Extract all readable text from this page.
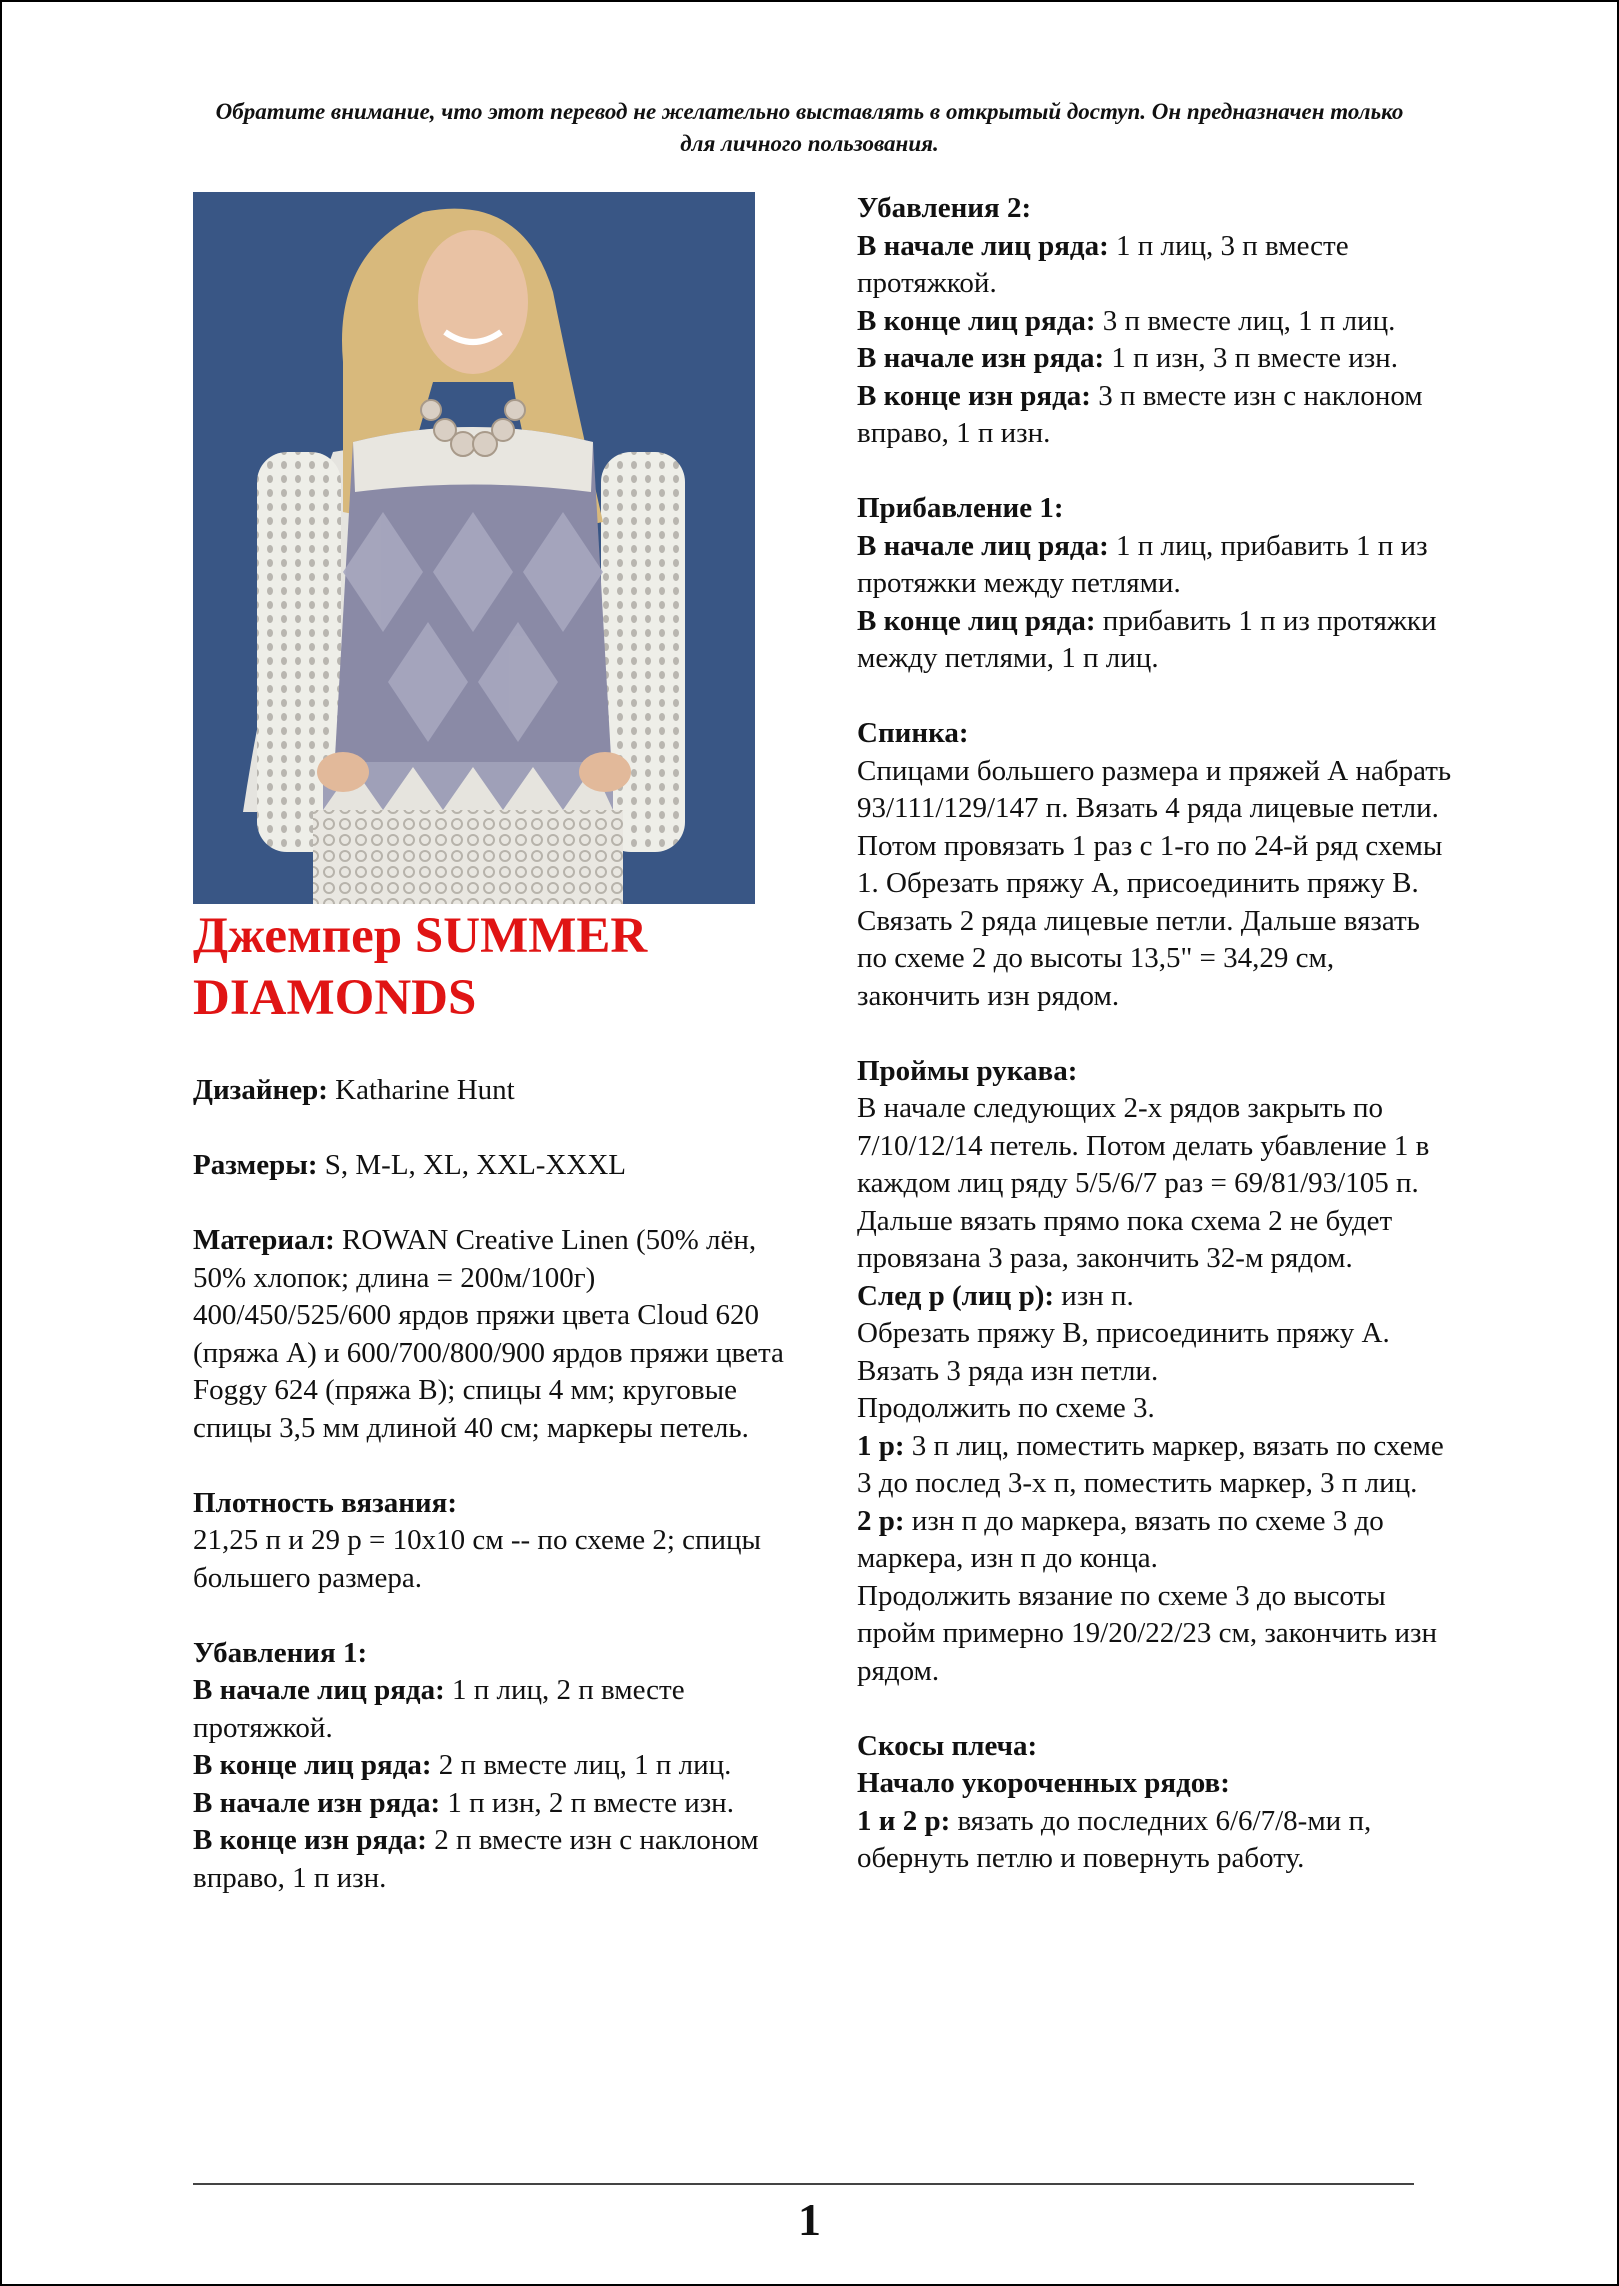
Обратите внимание, что этот перевод не желательно выставлять в открытый доступ. Он предназначен только для личного пользования.
Джемпер SUMMER DIAMONDS

Дизайнер: Katharine Hunt

Размеры: S, M-L, XL, XXL-XXXL

Материал: ROWAN Creative Linen (50% лён, 50% хлопок; длина = 200м/100г) 400/450/525/600 ярдов пряжи цвета Cloud 620 (пряжа A) и 600/700/800/900 ярдов пряжи цвета Foggy 624 (пряжа B); спицы 4 мм; круговые спицы 3,5 мм длиной 40 см; маркеры петель.

Плотность вязания:

21,25 п и 29 р = 10х10 см -- по схеме 2; спицы большего размера.

Убавления 1:

В начале лиц ряда: 1 п лиц, 2 п вместе протяжкой.

В конце лиц ряда: 2 п вместе лиц, 1 п лиц.

В начале изн ряда: 1 п изн, 2 п вместе изн.

В конце изн ряда: 2 п вместе изн с наклоном вправо, 1 п изн.

Убавления 2:

В начале лиц ряда: 1 п лиц, 3 п вместе протяжкой.

В конце лиц ряда: 3 п вместе лиц, 1 п лиц.

В начале изн ряда: 1 п изн, 3 п вместе изн.

В конце изн ряда: 3 п вместе изн с наклоном вправо, 1 п изн.

Прибавление 1:

В начале лиц ряда: 1 п лиц, прибавить 1 п из протяжки между петлями.

В конце лиц ряда: прибавить 1 п из протяжки между петлями, 1 п лиц.

Спинка:

Спицами большего размера и пряжей А набрать 93/111/129/147 п. Вязать 4 ряда лицевые петли. Потом провязать 1 раз с 1-го по 24-й ряд схемы 1. Обрезать пряжу А, присоединить пряжу В. Связать 2 ряда лицевые петли. Дальше вязать по схеме 2 до высоты 13,5" = 34,29 см, закончить изн рядом.

Проймы рукава:

В начале следующих 2-х рядов закрыть по 7/10/12/14 петель. Потом делать убавление 1 в каждом лиц ряду 5/5/6/7 раз = 69/81/93/105 п. Дальше вязать прямо пока схема 2 не будет провязана 3 раза, закончить 32-м рядом.

След р (лиц р): изн п.

Обрезать пряжу В, присоединить пряжу А. Вязать 3 ряда изн петли.

Продолжить по схеме 3.

1 р: 3 п лиц, поместить маркер, вязать по схеме 3 до послед 3-х п, поместить маркер, 3 п лиц.

2 р: изн п до маркера, вязать по схеме 3 до маркера, изн п до конца.

Продолжить вязание по схеме 3 до высоты пройм примерно 19/20/22/23 см, закончить изн рядом.

Скосы плеча:

Начало укороченных рядов:

1 и 2 р: вязать до последних 6/6/7/8-ми п, обернуть петлю и повернуть работу.

1
